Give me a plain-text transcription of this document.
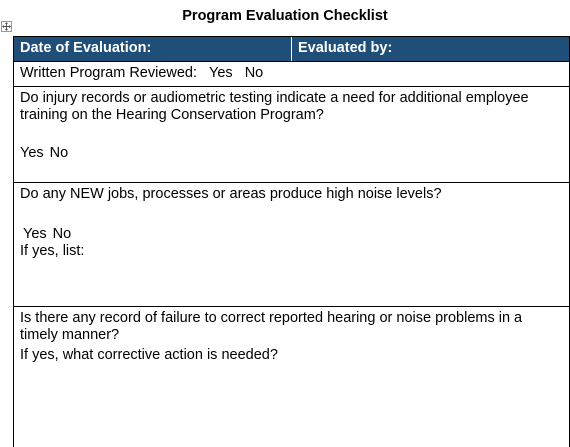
Program Evaluation Checklist
Date of Evaluation:	Evaluated by:
Written Program Reviewed: Yes No

Do injury records or audiometric testing indicate a need for additional employee training on the Hearing Conservation Program?

Yes No

Do any NEW jobs, processes or areas produce high noise levels?

Yes No

If yes, list:

Is there any record of failure to correct reported hearing or noise problems in a timely manner?

If yes, what corrective action is needed?
